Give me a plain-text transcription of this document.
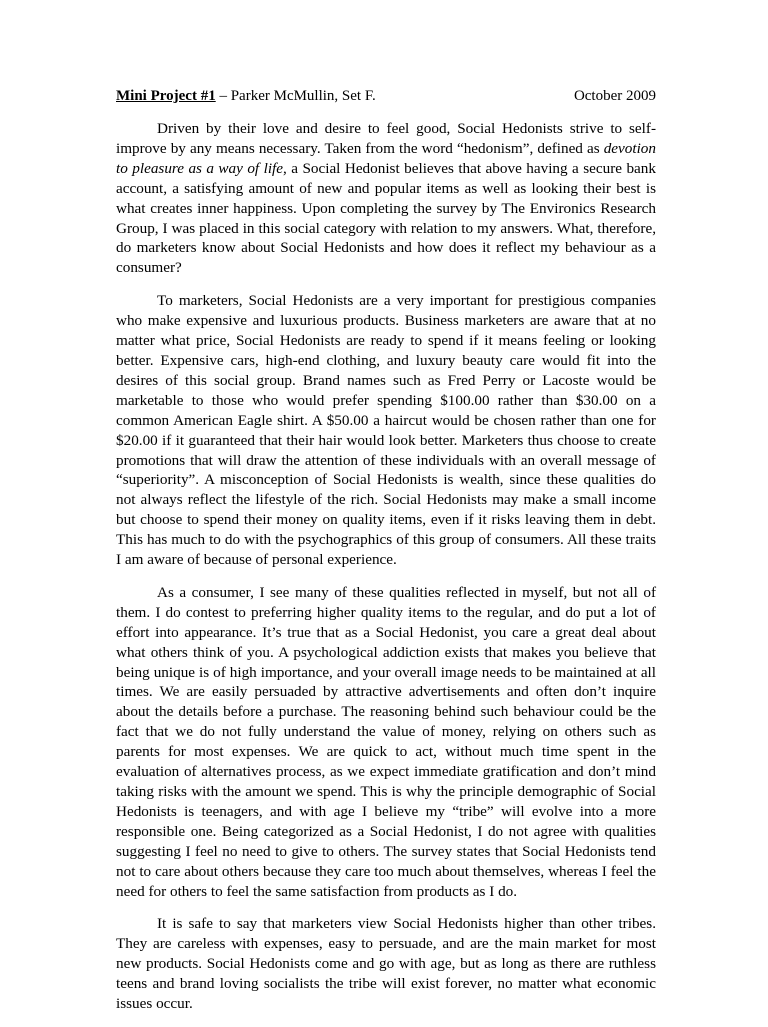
Mini Project #1 – Parker McMullin, Set F.	October 2009

Driven by their love and desire to feel good, Social Hedonists strive to self-improve by any means necessary. Taken from the word “hedonism”, defined as devotion to pleasure as a way of life, a Social Hedonist believes that above having a secure bank account, a satisfying amount of new and popular items as well as looking their best is what creates inner happiness. Upon completing the survey by The Environics Research Group, I was placed in this social category with relation to my answers. What, therefore, do marketers know about Social Hedonists and how does it reflect my behaviour as a consumer?

To marketers, Social Hedonists are a very important for prestigious companies who make expensive and luxurious products. Business marketers are aware that at no matter what price, Social Hedonists are ready to spend if it means feeling or looking better. Expensive cars, high-end clothing, and luxury beauty care would fit into the desires of this social group. Brand names such as Fred Perry or Lacoste would be marketable to those who would prefer spending $100.00 rather than $30.00 on a common American Eagle shirt. A $50.00 a haircut would be chosen rather than one for $20.00 if it guaranteed that their hair would look better. Marketers thus choose to create promotions that will draw the attention of these individuals with an overall message of “superiority”. A misconception of Social Hedonists is wealth, since these qualities do not always reflect the lifestyle of the rich. Social Hedonists may make a small income but choose to spend their money on quality items, even if it risks leaving them in debt. This has much to do with the psychographics of this group of consumers. All these traits I am aware of because of personal experience.

As a consumer, I see many of these qualities reflected in myself, but not all of them. I do contest to preferring higher quality items to the regular, and do put a lot of effort into appearance. It’s true that as a Social Hedonist, you care a great deal about what others think of you. A psychological addiction exists that makes you believe that being unique is of high importance, and your overall image needs to be maintained at all times. We are easily persuaded by attractive advertisements and often don’t inquire about the details before a purchase. The reasoning behind such behaviour could be the fact that we do not fully understand the value of money, relying on others such as parents for most expenses. We are quick to act, without much time spent in the evaluation of alternatives process, as we expect immediate gratification and don’t mind taking risks with the amount we spend. This is why the principle demographic of Social Hedonists is teenagers, and with age I believe my “tribe” will evolve into a more responsible one. Being categorized as a Social Hedonist, I do not agree with qualities suggesting I feel no need to give to others. The survey states that Social Hedonists tend not to care about others because they care too much about themselves, whereas I feel the need for others to feel the same satisfaction from products as I do.

It is safe to say that marketers view Social Hedonists higher than other tribes. They are careless with expenses, easy to persuade, and are the main market for most new products. Social Hedonists come and go with age, but as long as there are ruthless teens and brand loving socialists the tribe will exist forever, no matter what economic issues occur.
